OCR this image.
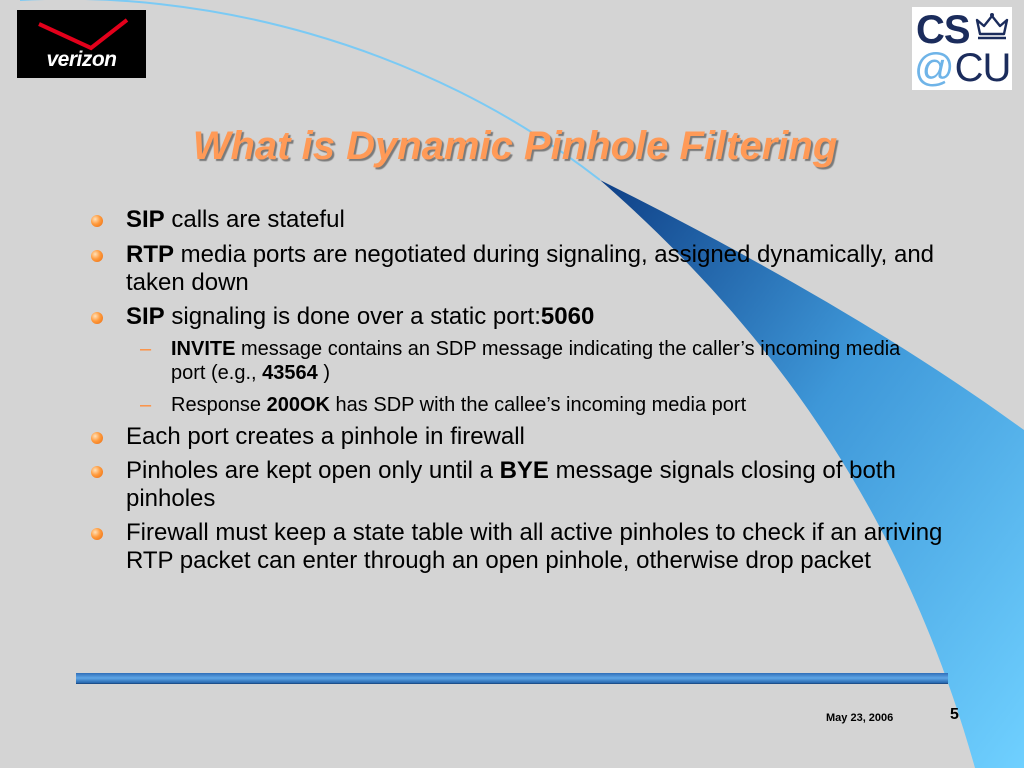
verizon
CS
@CU
What is Dynamic Pinhole Filtering
SIP calls are stateful
RTP media ports are negotiated during signaling, assigned dynamically, and taken down
SIP signaling is done over a static port:5060
– INVITE message contains an SDP message indicating the caller’s incoming media port (e.g., 43564 )
– Response 200OK has SDP with the callee’s incoming media port
Each port creates a pinhole in firewall
Pinholes are kept open only until a BYE message signals closing of both pinholes
Firewall must keep a state table with all active pinholes to check if an arriving RTP packet can enter through an open pinhole, otherwise drop packet
May 23, 2006	5
